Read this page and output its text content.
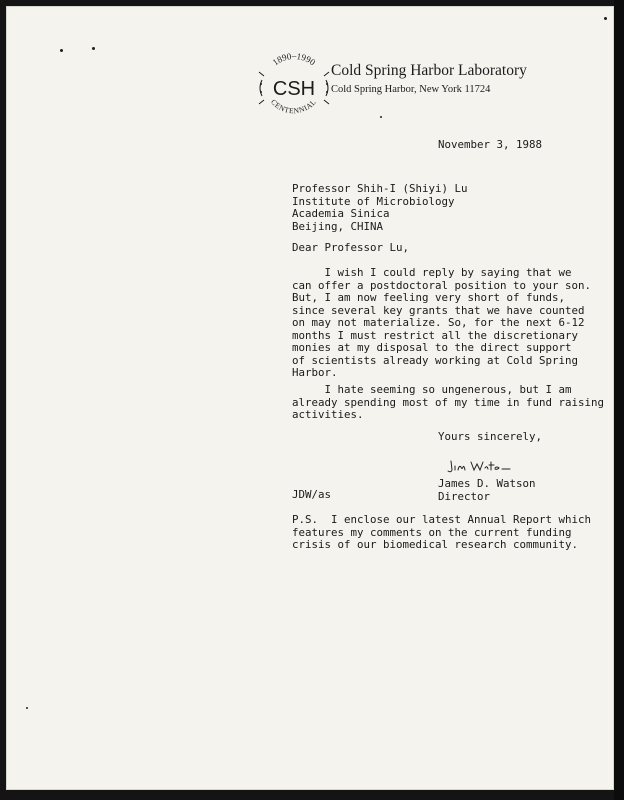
1890–1990
CSH
CENTENNIAL
Cold Spring Harbor Laboratory
Cold Spring Harbor, New York 11724
November 3, 1988
Professor Shih-I (Shiyi) Lu
Institute of Microbiology
Academia Sinica
Beijing, CHINA
Dear Professor Lu,
I wish I could reply by saying that we
can offer a postdoctoral position to your son.
But, I am now feeling very short of funds,
since several key grants that we have counted
on may not materialize. So, for the next 6-12
months I must restrict all the discretionary
monies at my disposal to the direct support
of scientists already working at Cold Spring
Harbor.
I hate seeming so ungenerous, but I am
already spending most of my time in fund raising
activities.
Yours sincerely,
James D. Watson
Director
JDW/as
P.S.  I enclose our latest Annual Report which
features my comments on the current funding
crisis of our biomedical research community.
